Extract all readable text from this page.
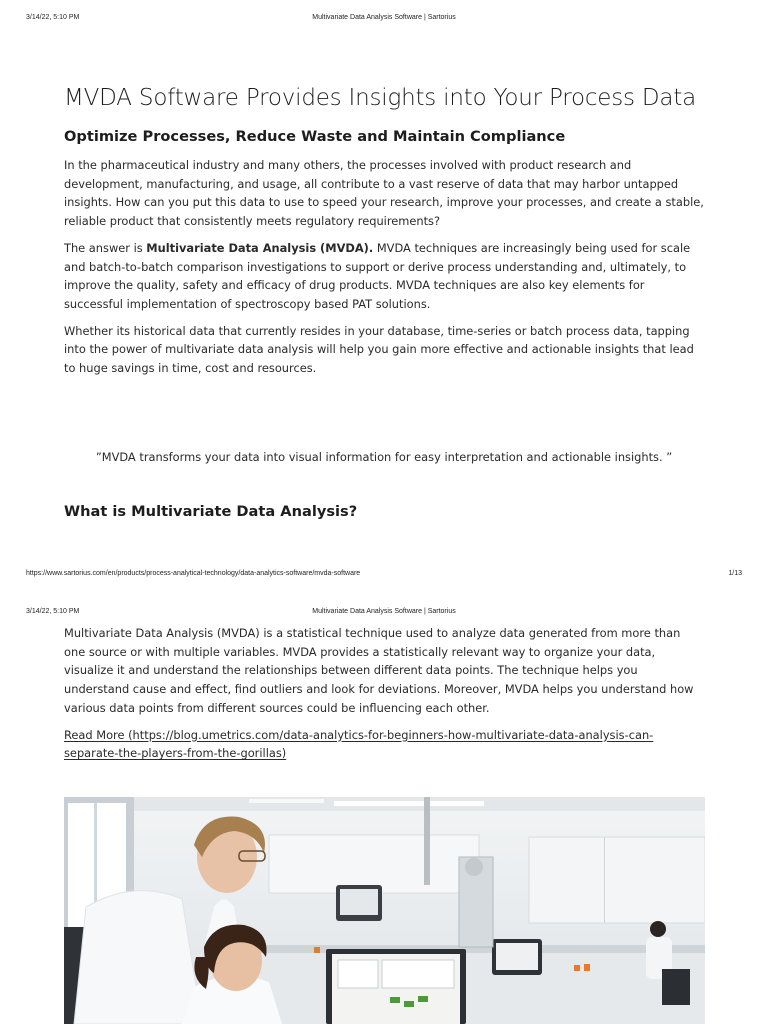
3/14/22, 5:10 PM	Multivariate Data Analysis Software | Sartorius
MVDA Software Provides Insights into Your Process Data
Optimize Processes, Reduce Waste and Maintain Compliance

In the pharmaceutical industry and many others, the processes involved with product research and development, manufacturing, and usage, all contribute to a vast reserve of data that may harbor untapped insights. How can you put this data to use to speed your research, improve your processes, and create a stable, reliable product that consistently meets regulatory requirements?

The answer is Multivariate Data Analysis (MVDA). MVDA techniques are increasingly being used for scale and batch-to-batch comparison investigations to support or derive process understanding and, ultimately, to improve the quality, safety and efficacy of drug products. MVDA techniques are also key elements for successful implementation of spectroscopy based PAT solutions.

Whether its historical data that currently resides in your database, time-series or batch process data, tapping into the power of multivariate data analysis will help you gain more effective and actionable insights that lead to huge savings in time, cost and resources.

”MVDA transforms your data into visual information for easy interpretation and actionable insights. ”
What is Multivariate Data Analysis?
https://www.sartorius.com/en/products/process-analytical-technology/data-analytics-software/mvda-software	1/13
3/14/22, 5:10 PM	Multivariate Data Analysis Software | Sartorius

Multivariate Data Analysis (MVDA) is a statistical technique used to analyze data generated from more than one source or with multiple variables. MVDA provides a statistically relevant way to organize your data, visualize it and understand the relationships between different data points. The technique helps you understand cause and effect, find outliers and look for deviations. Moreover, MVDA helps you understand how various data points from different sources could be influencing each other.

Read More (https://blog.umetrics.com/data-analytics-for-beginners-how-multivariate-data-analysis-can-separate-the-players-from-the-gorillas)
